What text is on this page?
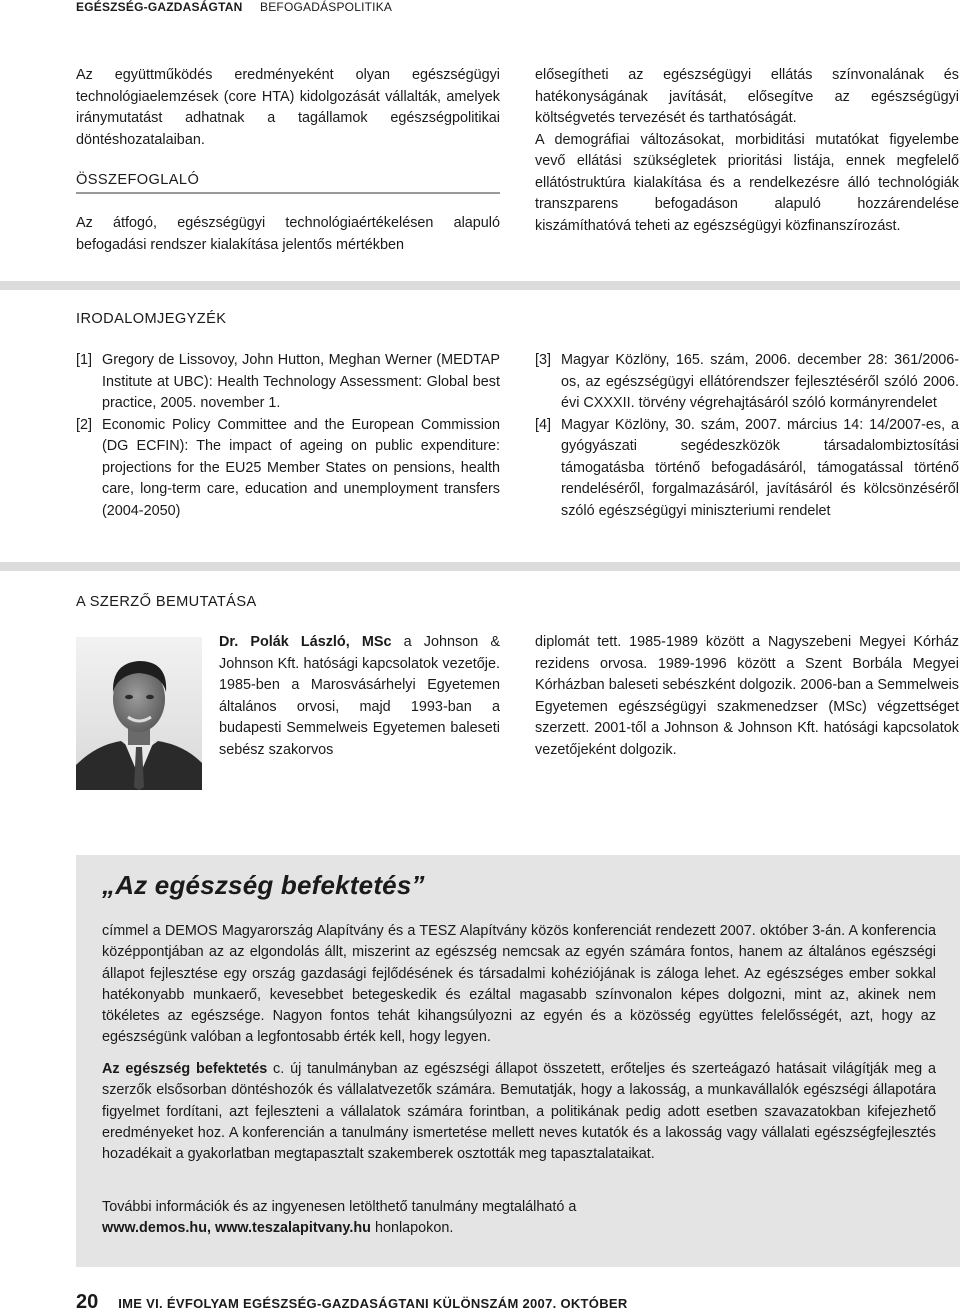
EGÉSZSÉG-GAZDASÁGTAN BEFOGADÁSPOLITIKA

Az együttműködés eredményeként olyan egészségügyi technológiaelemzések (core HTA) kidolgozását vállalták, amelyek iránymutatást adhatnak a tagállamok egészségpolitikai döntéshozatalaiban.

ÖSSZEFOGLALÓ

Az átfogó, egészségügyi technológiaértékelésen alapuló befogadási rendszer kialakítása jelentős mértékben

elősegítheti az egészségügyi ellátás színvonalának és hatékonyságának javítását, elősegítve az egészségügyi költségvetés tervezését és tarthatóságát.

A demográfiai változásokat, morbiditási mutatókat figyelembe vevő ellátási szükségletek prioritási listája, ennek megfelelő ellátóstruktúra kialakítása és a rendelkezésre álló technológiák transzparens befogadáson alapuló hozzárendelése kiszámíthatóvá teheti az egészségügyi közfinanszírozást.

IRODALOMJEGYZÉK
[1] Gregory de Lissovoy, John Hutton, Meghan Werner (MEDTAP Institute at UBC): Health Technology Assessment: Global best practice, 2005. november 1.
[2] Economic Policy Committee and the European Commission (DG ECFIN): The impact of ageing on public expenditure: projections for the EU25 Member States on pensions, health care, long-term care, education and unemployment transfers (2004-2050)
[3] Magyar Közlöny, 165. szám, 2006. december 28: 361/2006-os, az egészségügyi ellátórendszer fejlesztéséről szóló 2006. évi CXXXII. törvény végrehajtásáról szóló kormányrendelet
[4] Magyar Közlöny, 30. szám, 2007. március 14: 14/2007-es, a gyógyászati segédeszközök társadalombiztosítási támogatásba történő befogadásáról, támogatással történő rendeléséről, forgalmazásáról, javításáról és kölcsönzéséről szóló egészségügyi miniszteriumi rendelet
A SZERZŐ BEMUTATÁSA

Dr. Polák László, MSc a Johnson & Johnson Kft. hatósági kapcsolatok vezetője. 1985-ben a Marosvásárhelyi Egyetemen általános orvosi, majd 1993-ban a budapesti Semmelweis Egyetemen baleseti sebész szakorvos

diplomát tett. 1985-1989 között a Nagyszebeni Megyei Kórház rezidens orvosa. 1989-1996 között a Szent Borbála Megyei Kórházban baleseti sebészként dolgozik. 2006-ban a Semmelweis Egyetemen egészségügyi szakmenedzser (MSc) végzettséget szerzett. 2001-től a Johnson & Johnson Kft. hatósági kapcsolatok vezetőjeként dolgozik.

„Az egészség befektetés”

címmel a DEMOS Magyarország Alapítvány és a TESZ Alapítvány közös konferenciát rendezett 2007. október 3-án. A konferencia középpontjában az az elgondolás állt, miszerint az egészség nemcsak az egyén számára fontos, hanem az általános egészségi állapot fejlesztése egy ország gazdasági fejlődésének és társadalmi kohéziójának is záloga lehet. Az egészséges ember sokkal hatékonyabb munkaerő, kevesebbet betegeskedik és ezáltal magasabb színvonalon képes dolgozni, mint az, akinek nem tökéletes az egészsége. Nagyon fontos tehát kihangsúlyozni az egyén és a közösség együttes felelősségét, azt, hogy az egészségünk valóban a legfontosabb érték kell, hogy legyen.

Az egészség befektetés c. új tanulmányban az egészségi állapot összetett, erőteljes és szerteágazó hatásait világítják meg a szerzők elsősorban döntéshozók és vállalatvezetők számára. Bemutatják, hogy a lakosság, a munkavállalók egészségi állapotára figyelmet fordítani, azt fejleszteni a vállalatok számára forintban, a politikának pedig adott esetben szavazatokban kifejezhető eredményeket hoz. A konferencián a tanulmány ismertetése mellett neves kutatók és a lakosság vagy vállalati egészségfejlesztés hozadékait a gyakorlatban megtapasztalt szakemberek osztották meg tapasztalataikat.

További információk és az ingyenesen letölthető tanulmány megtalálható a
www.demos.hu, www.teszalapitvany.hu honlapokon.

20 IME VI. ÉVFOLYAM EGÉSZSÉG-GAZDASÁGTANI KÜLÖNSZÁM 2007. OKTÓBER
